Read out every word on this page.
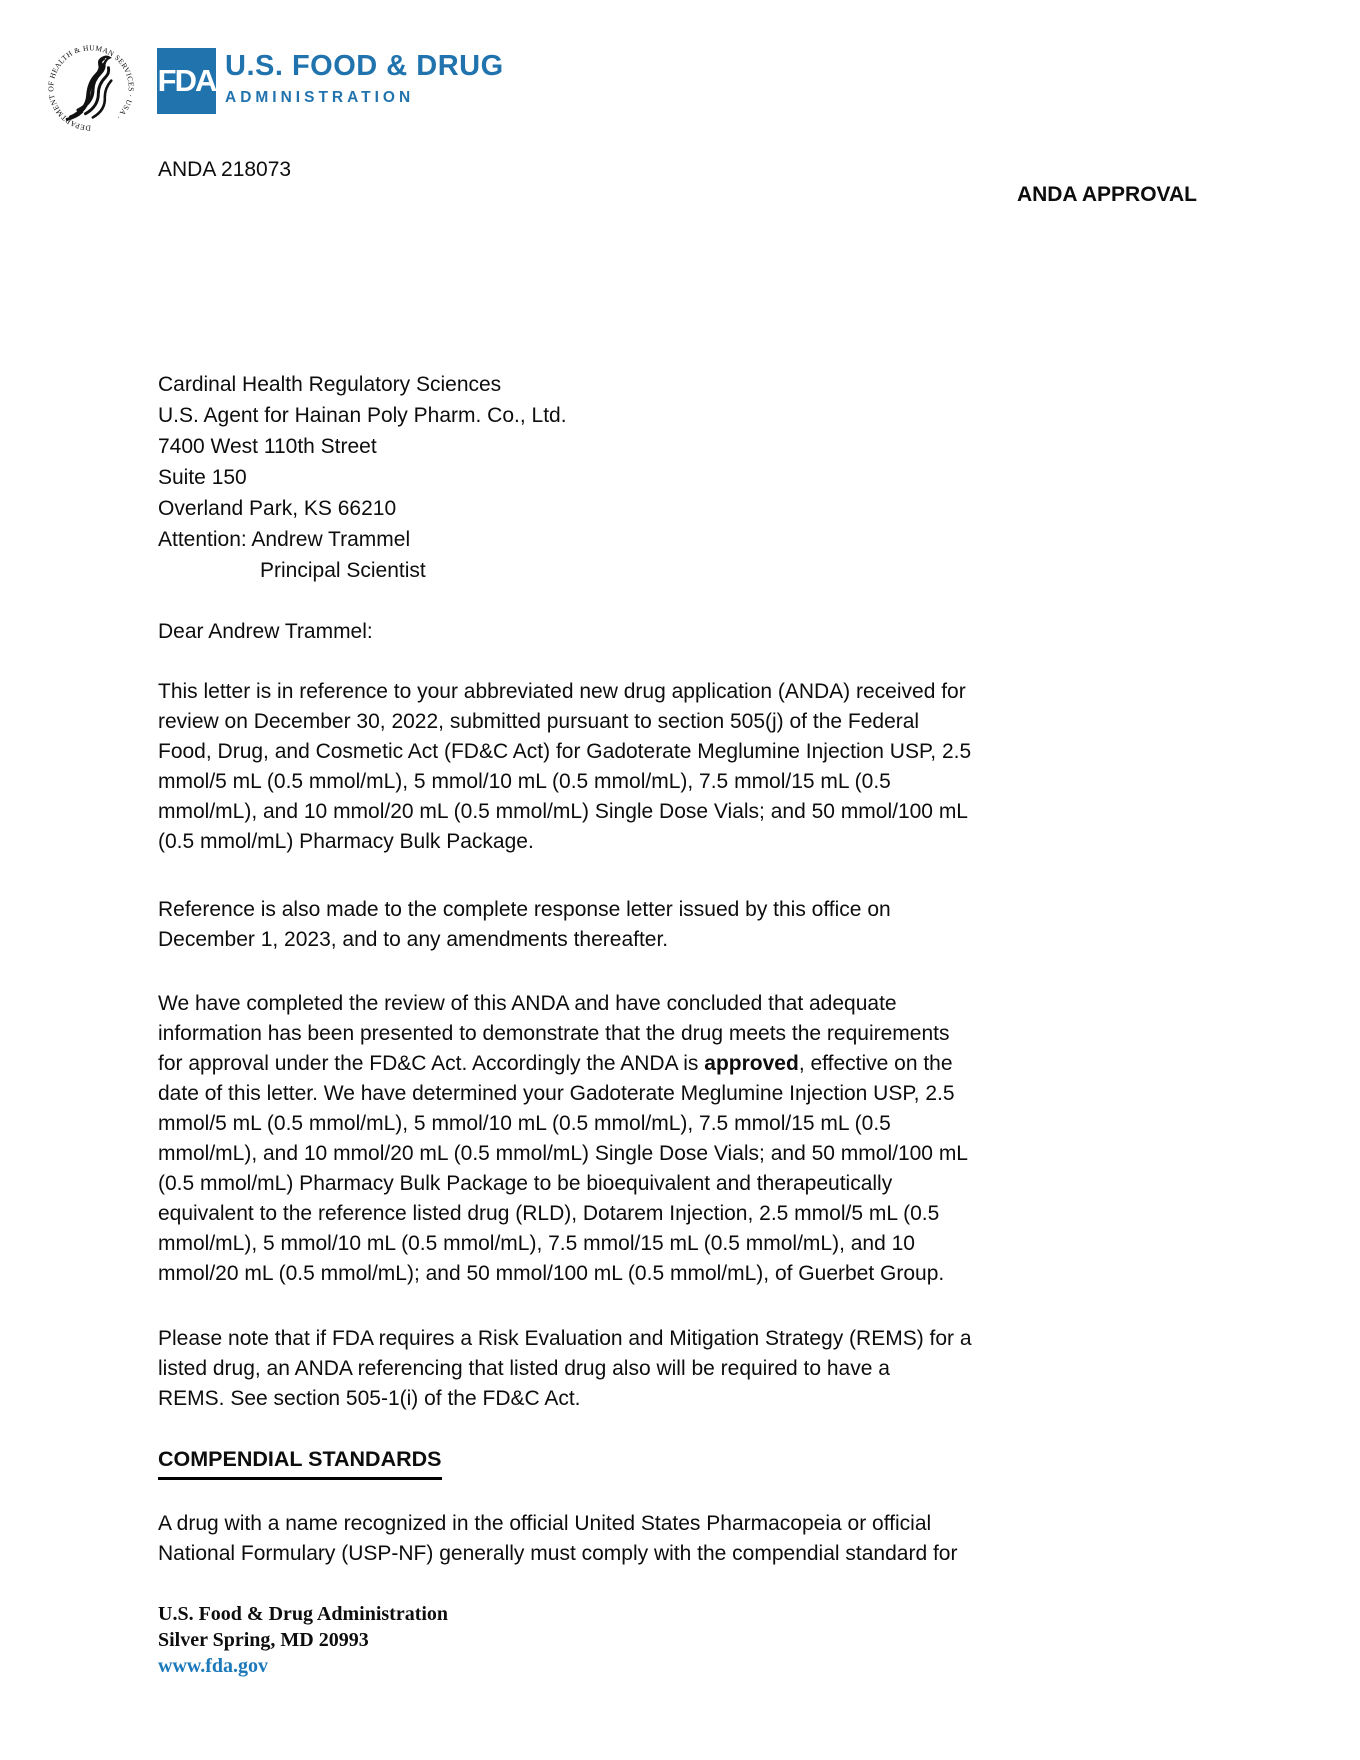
DEPARTMENT OF HEALTH & HUMAN SERVICES · USA ·
FDA U.S. FOOD & DRUG
ADMINISTRATION
ANDA 218073
ANDA APPROVAL
Cardinal Health Regulatory Sciences
U.S. Agent for Hainan Poly Pharm. Co., Ltd.
7400 West 110th Street
Suite 150
Overland Park, KS 66210
Attention: Andrew Trammel
Principal Scientist
Dear Andrew Trammel:
This letter is in reference to your abbreviated new drug application (ANDA) received for
review on December 30, 2022, submitted pursuant to section 505(j) of the Federal
Food, Drug, and Cosmetic Act (FD&C Act) for Gadoterate Meglumine Injection USP, 2.5
mmol/5 mL (0.5 mmol/mL), 5 mmol/10 mL (0.5 mmol/mL), 7.5 mmol/15 mL (0.5
mmol/mL), and 10 mmol/20 mL (0.5 mmol/mL) Single Dose Vials; and 50 mmol/100 mL
(0.5 mmol/mL) Pharmacy Bulk Package.
Reference is also made to the complete response letter issued by this office on
December 1, 2023, and to any amendments thereafter.
We have completed the review of this ANDA and have concluded that adequate
information has been presented to demonstrate that the drug meets the requirements
for approval under the FD&C Act. Accordingly the ANDA is approved, effective on the
date of this letter. We have determined your Gadoterate Meglumine Injection USP, 2.5
mmol/5 mL (0.5 mmol/mL), 5 mmol/10 mL (0.5 mmol/mL), 7.5 mmol/15 mL (0.5
mmol/mL), and 10 mmol/20 mL (0.5 mmol/mL) Single Dose Vials; and 50 mmol/100 mL
(0.5 mmol/mL) Pharmacy Bulk Package to be bioequivalent and therapeutically
equivalent to the reference listed drug (RLD), Dotarem Injection, 2.5 mmol/5 mL (0.5
mmol/mL), 5 mmol/10 mL (0.5 mmol/mL), 7.5 mmol/15 mL (0.5 mmol/mL), and 10
mmol/20 mL (0.5 mmol/mL); and 50 mmol/100 mL (0.5 mmol/mL), of Guerbet Group.
Please note that if FDA requires a Risk Evaluation and Mitigation Strategy (REMS) for a
listed drug, an ANDA referencing that listed drug also will be required to have a
REMS. See section 505-1(i) of the FD&C Act.
COMPENDIAL STANDARDS
A drug with a name recognized in the official United States Pharmacopeia or official
National Formulary (USP-NF) generally must comply with the compendial standard for
U.S. Food & Drug Administration
Silver Spring, MD 20993
www.fda.gov
